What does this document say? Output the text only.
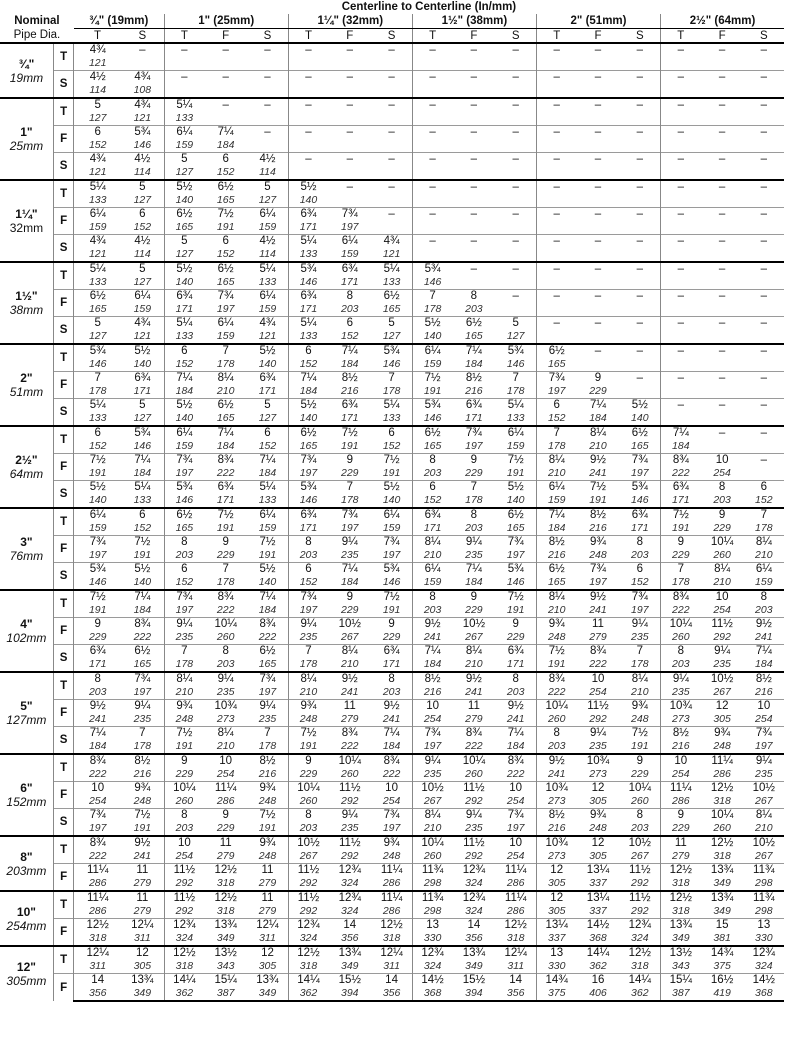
		Centerline to Centerline (In/mm)																
Nominal		¾" (19mm)		1" (25mm)			1¼" (32mm)			1½" (38mm)			2" (51mm)			2½" (64mm)		
Pipe Dia.		T	S	T	F	S	T	F	S	T	F	S	T	F	S	T	F	S

¾"
19mm	T	4¾	–	–	–	–	–	–	–	–	–	–	–	–	–	–	–	–
		121																
	S	4½	4¾	–	–	–	–	–	–	–	–	–	–	–	–	–	–	–
		114	108															

1"
25mm	T	5	4¾	5¼	–	–	–	–	–	–	–	–	–	–	–	–	–	–
		127	121	133														
	F	6	5¾	6¼	7¼	–	–	–	–	–	–	–	–	–	–	–	–	–
		152	146	159	184													
	S	4¾	4½	5	6	4½	–	–	–	–	–	–	–	–	–	–	–	–
		121	114	127	152	114												

1¼"
32mm	T	5¼	5	5½	6½	5	5½	–	–	–	–	–	–	–	–	–	–	–
		133	127	140	165	127	140											
	F	6¼	6	6½	7½	6¼	6¾	7¾	–	–	–	–	–	–	–	–	–	–
		159	152	165	191	159	171	197										
	S	4¾	4½	5	6	4½	5¼	6¼	4¾	–	–	–	–	–	–	–	–	–
		121	114	127	152	114	133	159	121									

1½"
38mm	T	5¼	5	5½	6½	5¼	5¾	6¾	5¼	5¾	–	–	–	–	–	–	–	–
		133	127	140	165	133	146	171	133	146								
	F	6½	6¼	6¾	7¾	6¼	6¾	8	6½	7	8	–	–	–	–	–	–	–
		165	159	171	197	159	171	203	165	178	203							
	S	5	4¾	5¼	6¼	4¾	5¼	6	5	5½	6½	5	–	–	–	–	–	–
		127	121	133	159	121	133	152	127	140	165	127						

2"
51mm	T	5¾	5½	6	7	5½	6	7¼	5¾	6¼	7¼	5¾	6½	–	–	–	–	–
		146	140	152	178	140	152	184	146	159	184	146	165					
	F	7	6¾	7¼	8¼	6¾	7¼	8½	7	7½	8½	7	7¾	9	–	–	–	–
		178	171	184	210	171	184	216	178	191	216	178	197	229				
	S	5¼	5	5½	6½	5	5½	6¾	5¼	5¾	6¾	5¼	6	7¼	5½	–	–	–
		133	127	140	165	127	140	171	133	146	171	133	152	184	140			

2½"
64mm	T	6	5¾	6¼	7¼	6	6½	7½	6	6½	7¾	6¼	7	8¼	6½	7¼	–	–
		152	146	159	184	152	165	191	152	165	197	159	178	210	165	184		
	F	7½	7¼	7¾	8¾	7¼	7¾	9	7½	8	9	7½	8¼	9½	7¾	8¾	10	–
		191	184	197	222	184	197	229	191	203	229	191	210	241	197	222	254	
	S	5½	5¼	5¾	6¾	5¼	5¾	7	5½	6	7	5½	6¼	7½	5¾	6¾	8	6
		140	133	146	171	133	146	178	140	152	178	140	159	191	146	171	203	152

3"
76mm	T	6¼	6	6½	7½	6¼	6¾	7¾	6¼	6¾	8	6½	7¼	8½	6¾	7½	9	7
		159	152	165	191	159	171	197	159	171	203	165	184	216	171	191	229	178
	F	7¾	7½	8	9	7½	8	9¼	7¾	8¼	9¼	7¾	8½	9¾	8	9	10¼	8¼
		197	191	203	229	191	203	235	197	210	235	197	216	248	203	229	260	210
	S	5¾	5½	6	7	5½	6	7¼	5¾	6¼	7¼	5¾	6½	7¾	6	7	8¼	6¼
		146	140	152	178	140	152	184	146	159	184	146	165	197	152	178	210	159

4"
102mm	T	7½	7¼	7¾	8¾	7¼	7¾	9	7½	8	9	7½	8¼	9½	7¾	8¾	10	8
		191	184	197	222	184	197	229	191	203	229	191	210	241	197	222	254	203
	F	9	8¾	9¼	10¼	8¾	9¼	10½	9	9½	10½	9	9¾	11	9¼	10¼	11½	9½
		229	222	235	260	222	235	267	229	241	267	229	248	279	235	260	292	241
	S	6¾	6½	7	8	6½	7	8¼	6¾	7¼	8¼	6¾	7½	8¾	7	8	9¼	7¼
		171	165	178	203	165	178	210	171	184	210	171	191	222	178	203	235	184

5"
127mm	T	8	7¾	8¼	9¼	7¾	8¼	9½	8	8½	9½	8	8¾	10	8¼	9¼	10½	8½
		203	197	210	235	197	210	241	203	216	241	203	222	254	210	235	267	216
	F	9½	9¼	9¾	10¾	9¼	9¾	11	9½	10	11	9½	10¼	11½	9¾	10¾	12	10
		241	235	248	273	235	248	279	241	254	279	241	260	292	248	273	305	254
	S	7¼	7	7½	8¼	7	7½	8¾	7¼	7¾	8¾	7¼	8	9¼	7½	8½	9¾	7¾
		184	178	191	210	178	191	222	184	197	222	184	203	235	191	216	248	197

6"
152mm	T	8¾	8½	9	10	8½	9	10¼	8¾	9¼	10¼	8¾	9½	10¾	9	10	11¼	9¼
		222	216	229	254	216	229	260	222	235	260	222	241	273	229	254	286	235
	F	10	9¾	10¼	11¼	9¾	10¼	11½	10	10½	11½	10	10¾	12	10¼	11¼	12½	10½
		254	248	260	286	248	260	292	254	267	292	254	273	305	260	286	318	267
	S	7¾	7½	8	9	7½	8	9¼	7¾	8¼	9¼	7¾	8½	9¾	8	9	10¼	8¼
		197	191	203	229	191	203	235	197	210	235	197	216	248	203	229	260	210

8"
203mm	T	8¾	9½	10	11	9¾	10½	11½	9¾	10¼	11½	10	10¾	12	10½	11	12½	10½
		222	241	254	279	248	267	292	248	260	292	254	273	305	267	279	318	267
	F	11¼	11	11½	12½	11	11½	12¾	11¼	11¾	12¾	11¼	12	13¼	11½	12½	13¾	11¾
		286	279	292	318	279	292	324	286	298	324	286	305	337	292	318	349	298

10"
254mm	T	11¼	11	11½	12½	11	11½	12¾	11¼	11¾	12¾	11¼	12	13¼	11½	12½	13¾	11¾
		286	279	292	318	279	292	324	286	298	324	286	305	337	292	318	349	298
	F	12½	12¼	12¾	13¾	12¼	12¾	14	12½	13	14	12½	13¼	14½	12¾	13¾	15	13
		318	311	324	349	311	324	356	318	330	356	318	337	368	324	349	381	330

12"
305mm	T	12¼	12	12½	13½	12	12½	13¾	12¼	12¾	13¾	12¼	13	14¼	12½	13½	14¾	12¾
		311	305	318	343	305	318	349	311	324	349	311	330	362	318	343	375	324
	F	14	13¾	14¼	15¼	13¾	14¼	15½	14	14½	15½	14	14¾	16	14¼	15¼	16½	14½
		356	349	362	387	349	362	394	356	368	394	356	375	406	362	387	419	368
